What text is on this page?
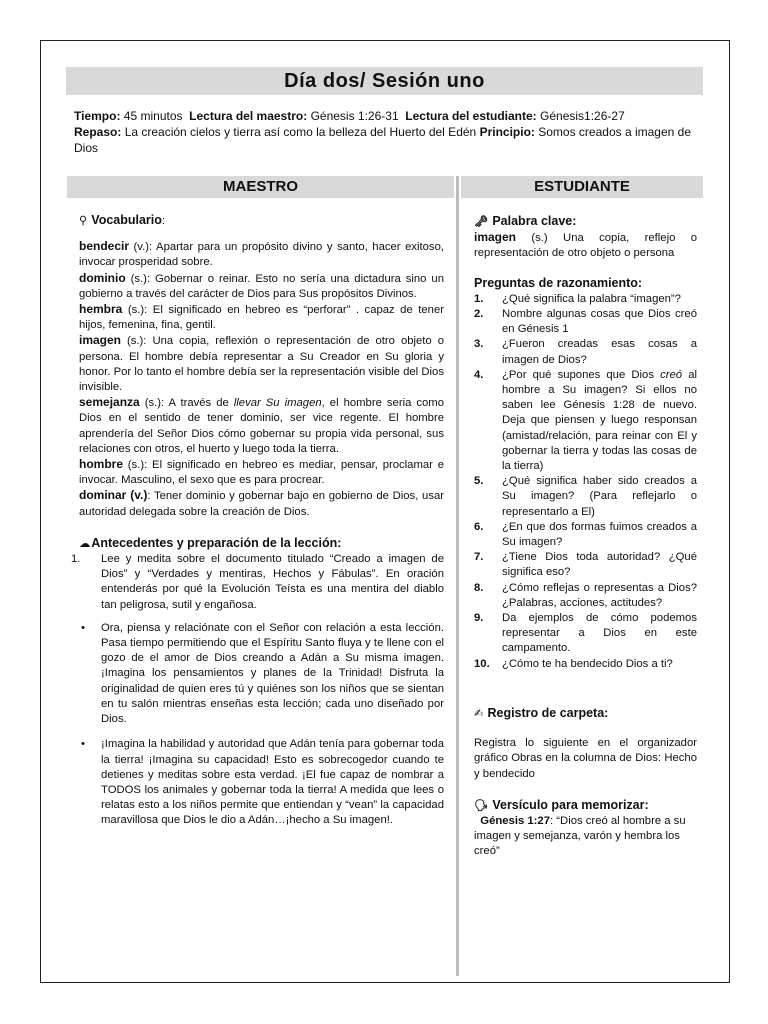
Día dos/ Sesión uno
Tiempo: 45 minutos Lectura del maestro: Génesis 1:26-31 Lectura del estudiante: Génesis1:26-27
Repaso: La creación cielos y tierra así como la belleza del Huerto del Edén Principio: Somos creados a imagen de Dios
MAESTRO	ESTUDIANTE
⚲ Vocabulario:
bendecir (v.): Apartar para un propósito divino y santo, hacer exitoso, invocar prosperidad sobre.
dominio (s.): Gobernar o reinar. Esto no sería una dictadura sino un gobierno a través del carácter de Dios para Sus propósitos Divinos.
hembra (s.): El significado en hebreo es “perforar” . capaz de tener hijos, femenina, fina, gentil.
imagen (s.): Una copia, reflexión o representación de otro objeto o persona. El hombre debía representar a Su Creador en Su gloria y honor. Por lo tanto el hombre debía ser la representación visible del Dios invisible.
semejanza (s.): A través de llevar Su imagen, el hombre seria como Dios en el sentido de tener dominio, ser vice regente. El hombre aprendería del Señor Dios cómo gobernar su propia vida personal, sus relaciones con otros, el huerto y luego toda la tierra.
hombre (s.): El significado en hebreo es mediar, pensar, proclamar e invocar. Masculino, el sexo que es para procrear.
dominar (v.): Tener dominio y gobernar bajo en gobierno de Dios, usar autoridad delegada sobre la creación de Dios.
☁Antecedentes y preparación de la lección:
1. Lee y medita sobre el documento titulado “Creado a imagen de Dios” y “Verdades y mentiras, Hechos y Fábulas”. En oración entenderás por qué la Evolución Teísta es una mentira del diablo tan peligrosa, sutil y engañosa.
• Ora, piensa y relaciónate con el Señor con relación a esta lección. Pasa tiempo permitiendo que el Espíritu Santo fluya y te llene con el gozo de el amor de Dios creando a Adán a Su misma imagen. ¡Imagina los pensamientos y planes de la Trinidad! Disfruta la originalidad de quien eres tú y quiénes son los niños que se sientan en tu salón mientras enseñas esta lección; cada uno diseñado por Dios.
• ¡Imagina la habilidad y autoridad que Adán tenía para gobernar toda la tierra! ¡Imagina su capacidad! Esto es sobrecogedor cuando te detienes y meditas sobre esta verdad. ¡El fue capaz de nombrar a TODOS los animales y gobernar toda la tierra! A medida que lees o relatas esto a los niños permite que entiendan y “vean” la capacidad maravillosa que Dios le dio a Adán…¡hecho a Su imagen!.
🗝 Palabra clave:
imagen (s.) Una copia, reflejo o representación de otro objeto o persona
Preguntas de razonamiento:
1. ¿Qué significa la palabra “imagen”?
2. Nombre algunas cosas que Dios creó en Génesis 1
3. ¿Fueron creadas esas cosas a imagen de Dios?
4. ¿Por qué supones que Dios creó al hombre a Su imagen? Si ellos no saben lee Génesis 1:28 de nuevo. Deja que piensen y luego responsan (amistad/relación, para reinar con El y gobernar la tierra y todas las cosas de la tierra)
5. ¿Qué significa haber sido creados a Su imagen? (Para reflejarlo o representarlo a El)
6. ¿En que dos formas fuimos creados a Su imagen?
7. ¿Tiene Dios toda autoridad? ¿Qué significa eso?
8. ¿Cómo reflejas o representas a Dios? ¿Palabras, acciones, actitudes?
9. Da ejemplos de cómo podemos representar a Dios en este campamento.
10. ¿Cómo te ha bendecido Dios a ti?
✍ Registro de carpeta:
Registra lo siguiente en el organizador gráfico Obras en la columna de Dios: Hecho y bendecido
🗣 Versículo para memorizar:
Génesis 1:27: “Dios creó al hombre a su imagen y semejanza, varón y hembra los creó”
